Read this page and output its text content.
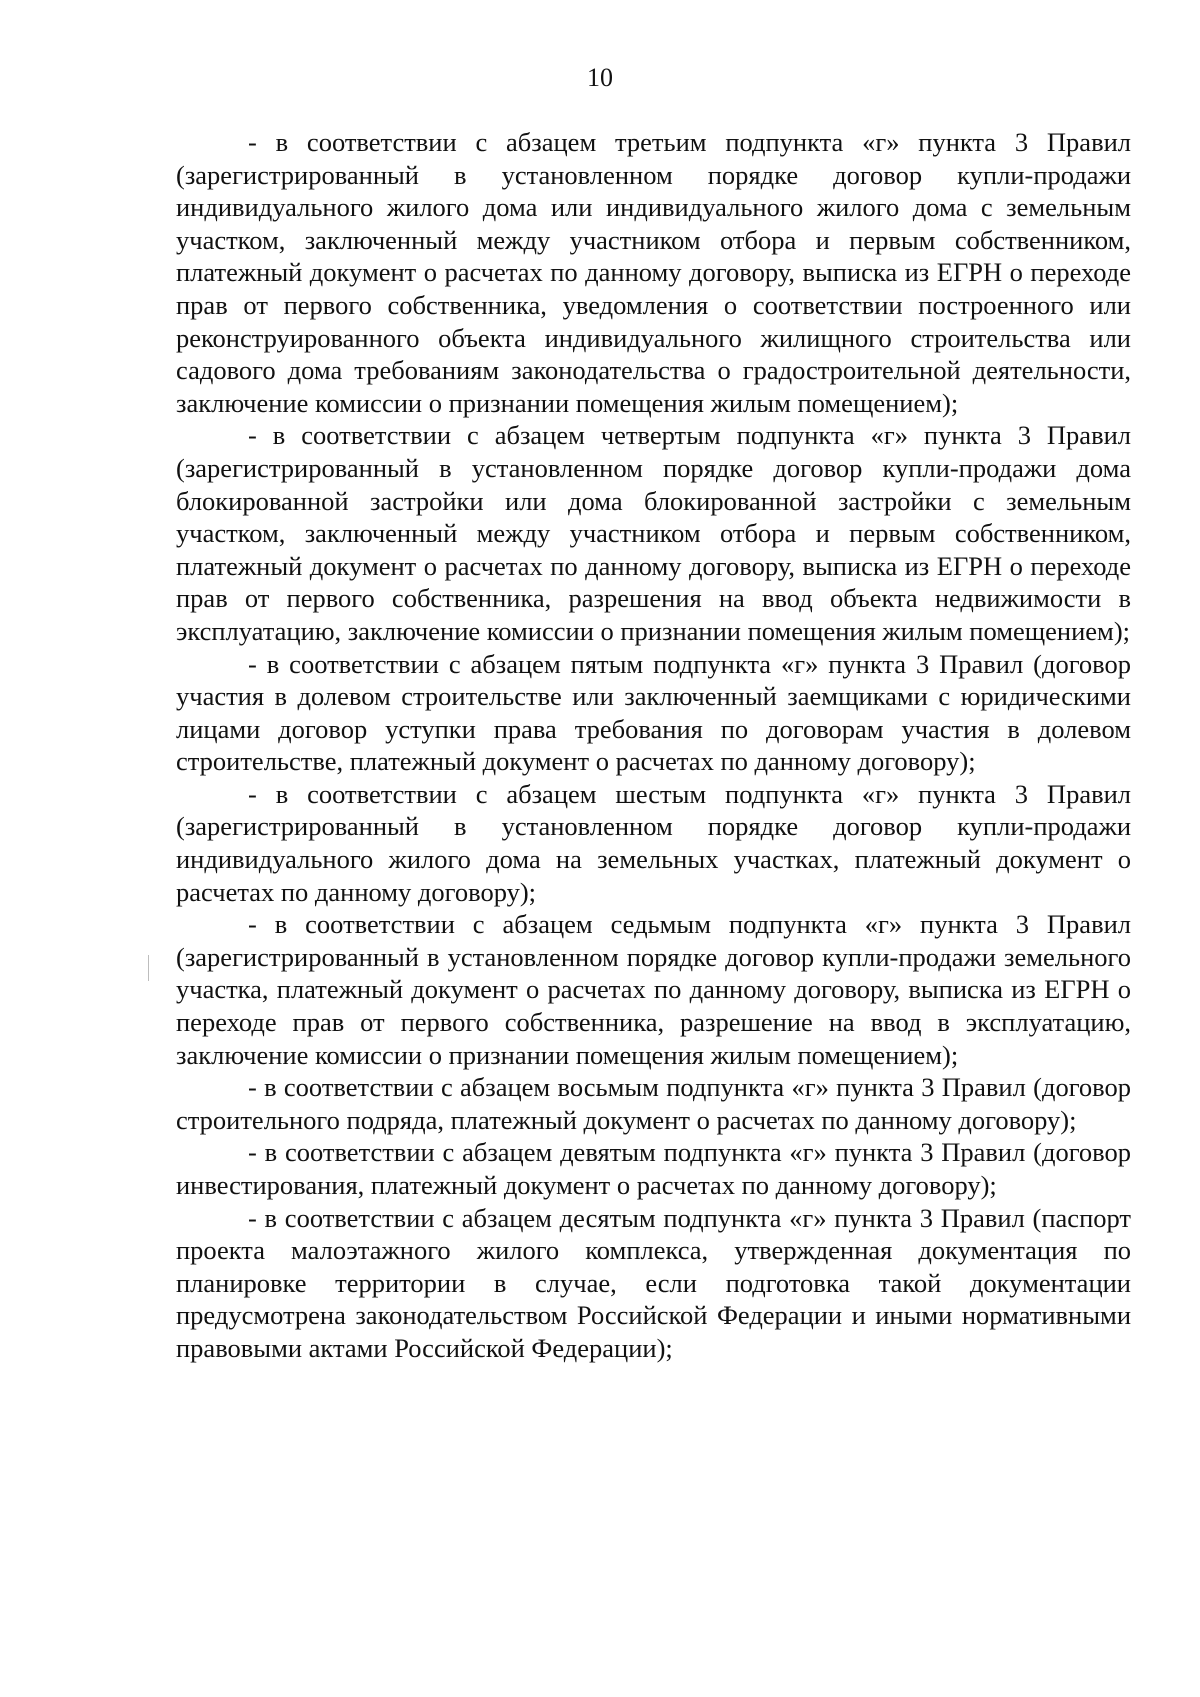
10

- в соответствии с абзацем третьим подпункта «г» пункта 3 Правил (зарегистрированный в установленном порядке договор купли-продажи индивидуального жилого дома или индивидуального жилого дома с земельным участком, заключенный между участником отбора и первым собственником, платежный документ о расчетах по данному договору, выписка из ЕГРН о переходе прав от первого собственника, уведомления о соответствии построенного или реконструированного объекта индивидуального жилищного строительства или садового дома требованиям законодательства о градостроительной деятельности, заключение комиссии о признании помещения жилым помещением);

- в соответствии с абзацем четвертым подпункта «г» пункта 3 Правил (зарегистрированный в установленном порядке договор купли-продажи дома блокированной застройки или дома блокированной застройки с земельным участком, заключенный между участником отбора и первым собственником, платежный документ о расчетах по данному договору, выписка из ЕГРН о переходе прав от первого собственника, разрешения на ввод объекта недвижимости в эксплуатацию, заключение комиссии о признании помещения жилым помещением);

- в соответствии с абзацем пятым подпункта «г» пункта 3 Правил (договор участия в долевом строительстве или заключенный заемщиками с юридическими лицами договор уступки права требования по договорам участия в долевом строительстве, платежный документ о расчетах по данному договору);

- в соответствии с абзацем шестым подпункта «г» пункта 3 Правил (зарегистрированный в установленном порядке договор купли-продажи индивидуального жилого дома на земельных участках, платежный документ о расчетах по данному договору);

- в соответствии с абзацем седьмым подпункта «г» пункта 3 Правил (зарегистрированный в установленном порядке договор купли-продажи земельного участка, платежный документ о расчетах по данному договору, выписка из ЕГРН о переходе прав от первого собственника, разрешение на ввод в эксплуатацию, заключение комиссии о признании помещения жилым помещением);

- в соответствии с абзацем восьмым подпункта «г» пункта 3 Правил (договор строительного подряда, платежный документ о расчетах по данному договору);

- в соответствии с абзацем девятым подпункта «г» пункта 3 Правил (договор инвестирования, платежный документ о расчетах по данному договору);

- в соответствии с абзацем десятым подпункта «г» пункта 3 Правил (паспорт проекта малоэтажного жилого комплекса, утвержденная документация по планировке территории в случае, если подготовка такой документации предусмотрена законодательством Российской Федерации и иными нормативными правовыми актами Российской Федерации);
